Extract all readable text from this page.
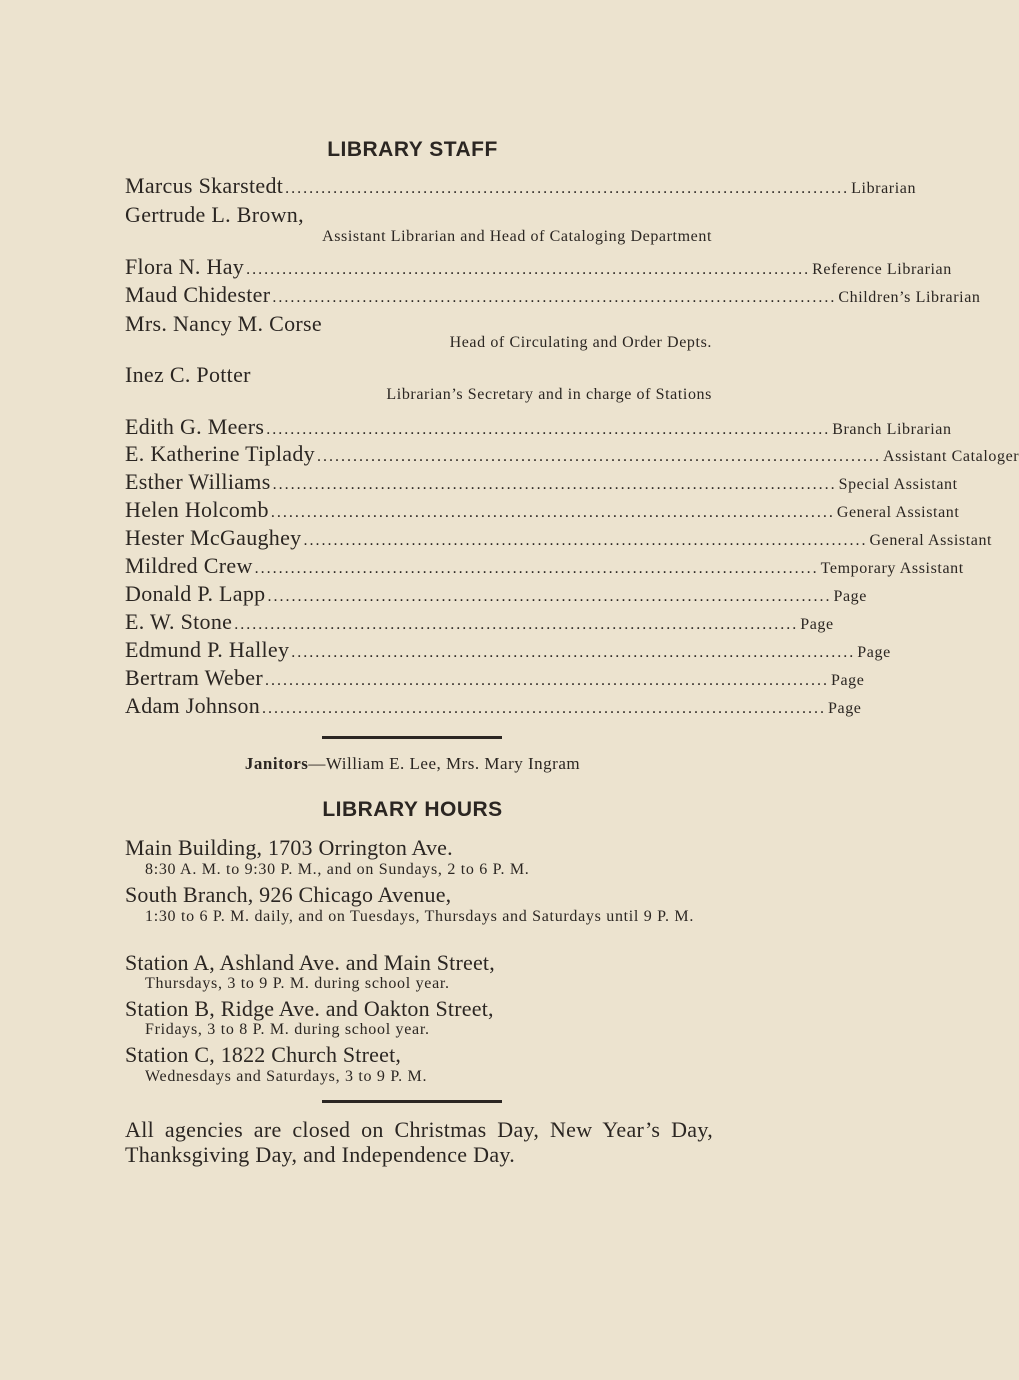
LIBRARY STAFF
Marcus Skarstedt .............................................................................................. Librarian
Gertrude L. Brown,
Assistant Librarian and Head of Cataloging Department
Flora N. Hay .............................................................................................. Reference Librarian
Maud Chidester .............................................................................................. Children’s Librarian
Mrs. Nancy M. Corse
Head of Circulating and Order Depts.
Inez C. Potter
Librarian’s Secretary and in charge of Stations
Edith G. Meers .............................................................................................. Branch Librarian
E. Katherine Tiplady .............................................................................................. Assistant Cataloger
Esther Williams .............................................................................................. Special Assistant
Helen Holcomb .............................................................................................. General Assistant
Hester McGaughey .............................................................................................. General Assistant
Mildred Crew .............................................................................................. Temporary Assistant
Donald P. Lapp .............................................................................................. Page
E. W. Stone .............................................................................................. Page
Edmund P. Halley .............................................................................................. Page
Bertram Weber .............................................................................................. Page
Adam Johnson .............................................................................................. Page
Janitors—William E. Lee, Mrs. Mary Ingram
LIBRARY HOURS
Main Building, 1703 Orrington Ave.
8:30 A. M. to 9:30 P. M., and on Sundays, 2 to 6 P. M.
South Branch, 926 Chicago Avenue,
1:30 to 6 P. M. daily, and on Tuesdays, Thursdays and Saturdays until 9 P. M.
Station A, Ashland Ave. and Main Street,
Thursdays, 3 to 9 P. M. during school year.
Station B, Ridge Ave. and Oakton Street,
Fridays, 3 to 8 P. M. during school year.
Station C, 1822 Church Street,
Wednesdays and Saturdays, 3 to 9 P. M.
All agencies are closed on Christmas Day, New Year’s Day, Thanksgiving Day, and Independence Day.
